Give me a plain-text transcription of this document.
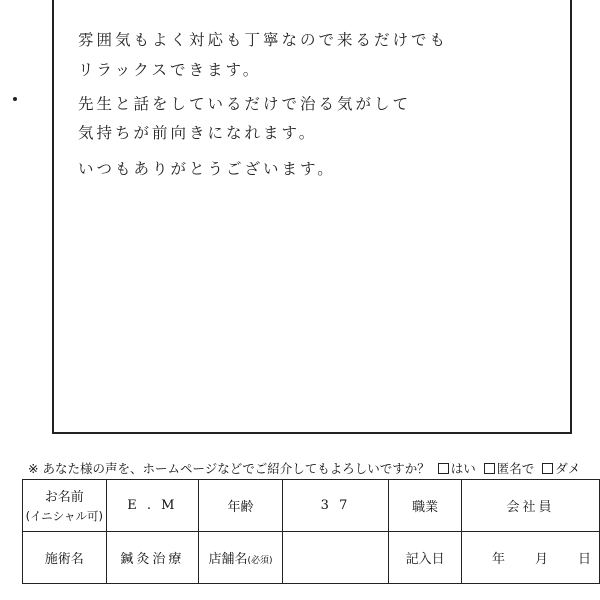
雰囲気もよく対応も丁寧なので来るだけでも
リラックスできます。
先生と話をしているだけで治る気がして
気持ちが前向きになれます。
いつもありがとうございます。
※ あなた様の声を、ホームページなどでご紹介してもよろしいですか？ はい 匿名で ダメ
お名前
(イニシャル可)	E . M	年齢	3 7	職業	会社員
施術名	鍼灸治療	店舗名(必須)		記入日	年 月 日
